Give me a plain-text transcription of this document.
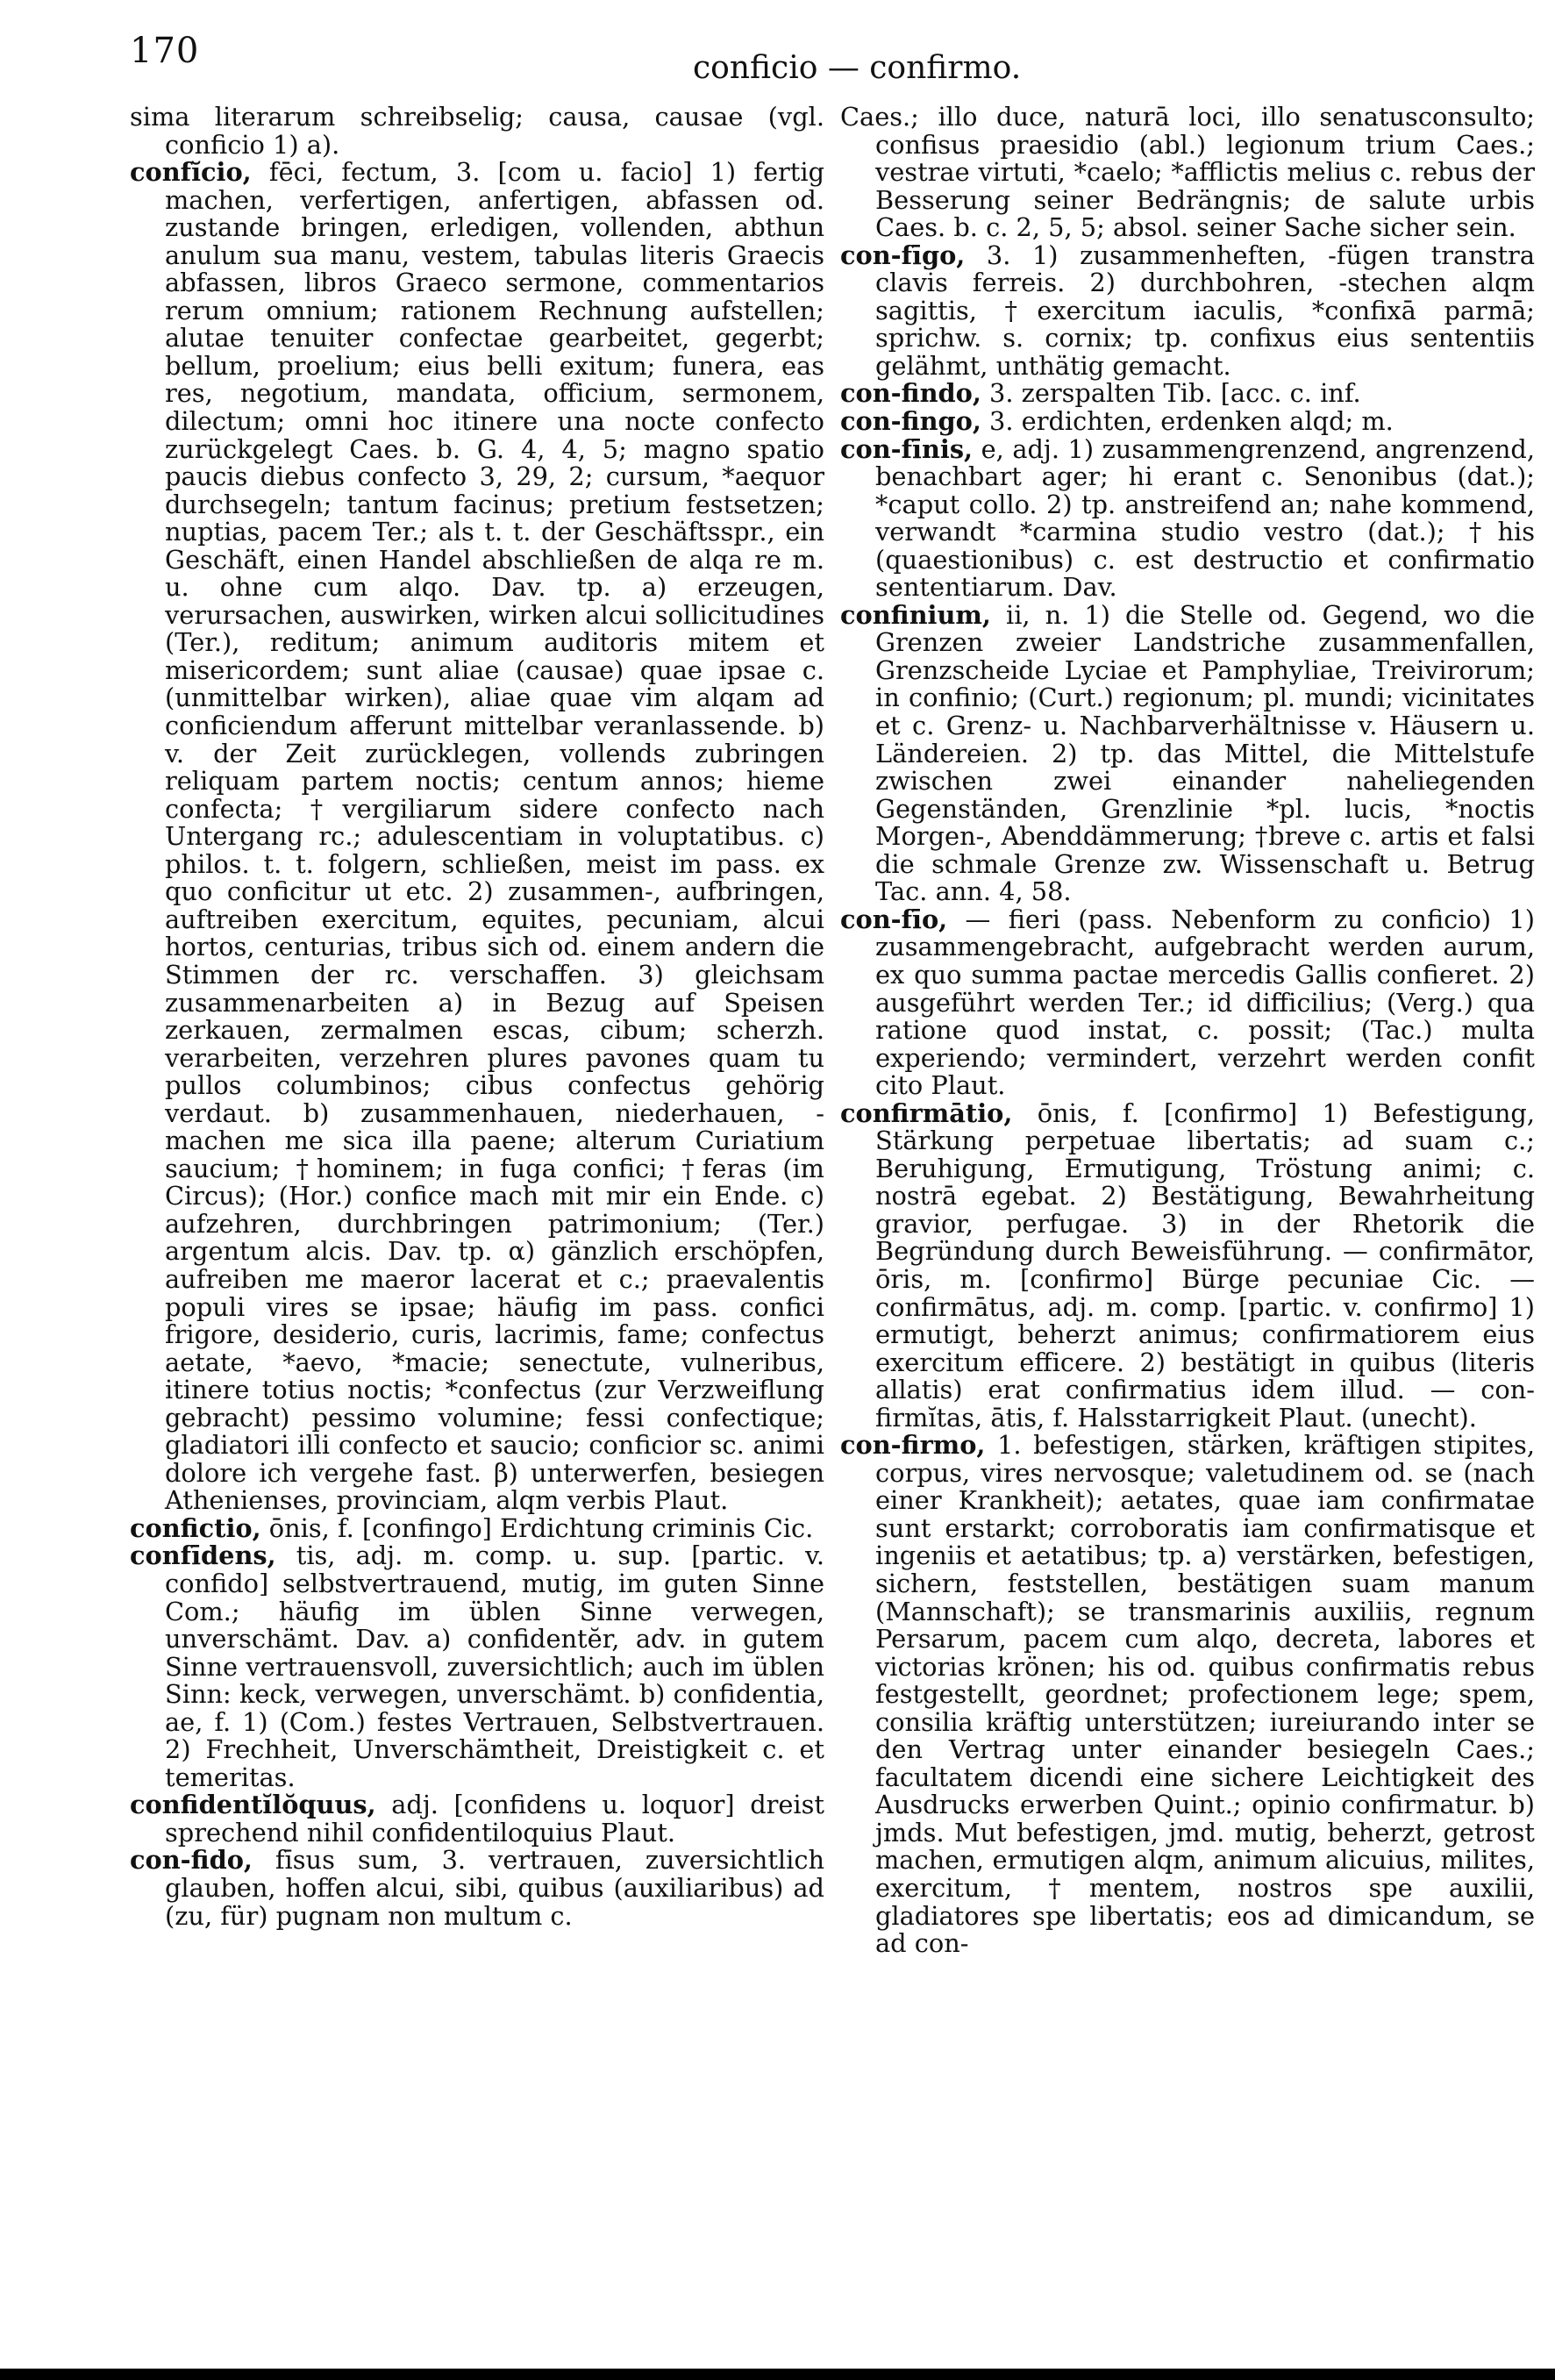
170	conficio — confirmo.

sima literarum schreibselig; causa, causae (vgl. conficio 1) a).

confĭcio, fēci, fectum, 3. [com u. facio] 1) fertig machen, verfertigen, anfertigen, abfassen od. zustande bringen, erledigen, vollenden, abthun anulum sua manu, vestem, tabulas literis Graecis abfassen, libros Graeco sermone, commentarios rerum omnium; rationem Rechnung aufstellen; alutae tenuiter confectae gearbeitet, gegerbt; bellum, proelium; eius belli exitum; funera, eas res, negotium, mandata, officium, sermonem, dilectum; omni hoc itinere una nocte confecto zurückgelegt Caes. b. G. 4, 4, 5; magno spatio paucis diebus confecto 3, 29, 2; cursum, *aequor durchsegeln; tantum facinus; pretium festsetzen; nuptias, pacem Ter.; als t. t. der Geschäftsspr., ein Geschäft, einen Handel abschließen de alqa re m. u. ohne cum alqo. Dav. tp. a) erzeugen, verursachen, auswirken, wirken alcui sollicitudines (Ter.), reditum; animum auditoris mitem et misericordem; sunt aliae (causae) quae ipsae c. (unmittelbar wirken), aliae quae vim alqam ad conficiendum afferunt mittelbar veranlassende. b) v. der Zeit zurücklegen, vollends zubringen reliquam partem noctis; centum annos; hieme confecta; †vergiliarum sidere confecto nach Untergang rc.; adulescentiam in voluptatibus. c) philos. t. t. folgern, schließen, meist im pass. ex quo conficitur ut etc. 2) zusammen-, aufbringen, auftreiben exercitum, equites, pecuniam, alcui hortos, centurias, tribus sich od. einem andern die Stimmen der rc. verschaffen. 3) gleichsam zusammenarbeiten a) in Bezug auf Speisen zerkauen, zermalmen escas, cibum; scherzh. verarbeiten, verzehren plures pavones quam tu pullos columbinos; cibus confectus gehörig verdaut. b) zusammenhauen, niederhauen, -machen me sica illa paene; alterum Curiatium saucium; †hominem; in fuga confici; †feras (im Circus); (Hor.) confice mach mit mir ein Ende. c) aufzehren, durchbringen patrimonium; (Ter.) argentum alcis. Dav. tp. α) gänzlich erschöpfen, aufreiben me maeror lacerat et c.; praevalentis populi vires se ipsae; häufig im pass. confici frigore, desiderio, curis, lacrimis, fame; confectus aetate, *aevo, *macie; senectute, vulneribus, itinere totius noctis; *confectus (zur Verzweiflung gebracht) pessimo volumine; fessi confectique; gladiatori illi confecto et saucio; conficior sc. animi dolore ich vergehe fast. β) unterwerfen, besiegen Athenienses, provinciam, alqm verbis Plaut.

confictio, ōnis, f. [confingo] Erdichtung criminis Cic.

confīdens, tis, adj. m. comp. u. sup. [partic. v. confido] selbstvertrauend, mutig, im guten Sinne Com.; häufig im üblen Sinne verwegen, unverschämt. Dav. a) confidentĕr, adv. in gutem Sinne vertrauensvoll, zuversichtlich; auch im üblen Sinn: keck, verwegen, unverschämt. b) confidentia, ae, f. 1) (Com.) festes Vertrauen, Selbstvertrauen. 2) Frechheit, Unverschämtheit, Dreistigkeit c. et temeritas.

confidentĭlŏquus, adj. [confidens u. loquor] dreist sprechend nihil confidentiloquius Plaut.

con-fido, fīsus sum, 3. vertrauen, zuversichtlich glauben, hoffen alcui, sibi, quibus (auxiliaribus) ad (zu, für) pugnam non multum c.

Caes.; illo duce, naturā loci, illo senatusconsulto; confisus praesidio (abl.) legionum trium Caes.; vestrae virtuti, *caelo; *afflictis melius c. rebus der Besserung seiner Bedrängnis; de salute urbis Caes. b. c. 2, 5, 5; absol. seiner Sache sicher sein.

con-fīgo, 3. 1) zusammenheften, -fügen transtra clavis ferreis. 2) durchbohren, -stechen alqm sagittis, †exercitum iaculis, *confixā parmā; sprichw. s. cornix; tp. confixus eius sententiis gelähmt, unthätig gemacht.

con-findo, 3. zerspalten Tib. [acc. c. inf.

con-fingo, 3. erdichten, erdenken alqd; m.

con-fīnis, e, adj. 1) zusammengrenzend, angrenzend, benachbart ager; hi erant c. Senonibus (dat.); *caput collo. 2) tp. anstreifend an; nahe kommend, verwandt *carmina studio vestro (dat.); †his (quaestionibus) c. est destructio et confirmatio sententiarum. Dav.

confinium, ii, n. 1) die Stelle od. Gegend, wo die Grenzen zweier Landstriche zusammenfallen, Grenzscheide Lyciae et Pamphyliae, Treivirorum; in confinio; (Curt.) regionum; pl. mundi; vicinitates et c. Grenz- u. Nachbarverhältnisse v. Häusern u. Ländereien. 2) tp. das Mittel, die Mittelstufe zwischen zwei einander naheliegenden Gegenständen, Grenzlinie *pl. lucis, *noctis Morgen-, Abenddämmerung; †breve c. artis et falsi die schmale Grenze zw. Wissenschaft u. Betrug Tac. ann. 4, 58.

con-fīo, — fieri (pass. Nebenform zu conficio) 1) zusammengebracht, aufgebracht werden aurum, ex quo summa pactae mercedis Gallis confieret. 2) ausgeführt werden Ter.; id difficilius; (Verg.) qua ratione quod instat, c. possit; (Tac.) multa experiendo; vermindert, verzehrt werden confit cito Plaut.

confirmātio, ōnis, f. [confirmo] 1) Befestigung, Stärkung perpetuae libertatis; ad suam c.; Beruhigung, Ermutigung, Tröstung animi; c. nostrā egebat. 2) Bestätigung, Bewahrheitung gravior, perfugae. 3) in der Rhetorik die Begründung durch Beweisführung. — confirmātor, ōris, m. [confirmo] Bürge pecuniae Cic. — confirmātus, adj. m. comp. [partic. v. confirmo] 1) ermutigt, beherzt animus; confirmatiorem eius exercitum efficere. 2) bestätigt in quibus (literis allatis) erat confirmatius idem illud. — con-firmĭtas, ātis, f. Halsstarrigkeit Plaut. (unecht).

con-firmo, 1. befestigen, stärken, kräftigen stipites, corpus, vires nervosque; valetudinem od. se (nach einer Krankheit); aetates, quae iam confirmatae sunt erstarkt; corroboratis iam confirmatisque et ingeniis et aetatibus; tp. a) verstärken, befestigen, sichern, feststellen, bestätigen suam manum (Mannschaft); se transmarinis auxiliis, regnum Persarum, pacem cum alqo, decreta, labores et victorias krönen; his od. quibus confirmatis rebus festgestellt, geordnet; profectionem lege; spem, consilia kräftig unterstützen; iureiurando inter se den Vertrag unter einander besiegeln Caes.; facultatem dicendi eine sichere Leichtigkeit des Ausdrucks erwerben Quint.; opinio confirmatur. b) jmds. Mut befestigen, jmd. mutig, beherzt, getrost machen, ermutigen alqm, animum alicuius, milites, exercitum, †mentem, nostros spe auxilii, gladiatores spe libertatis; eos ad dimicandum, se ad con-
